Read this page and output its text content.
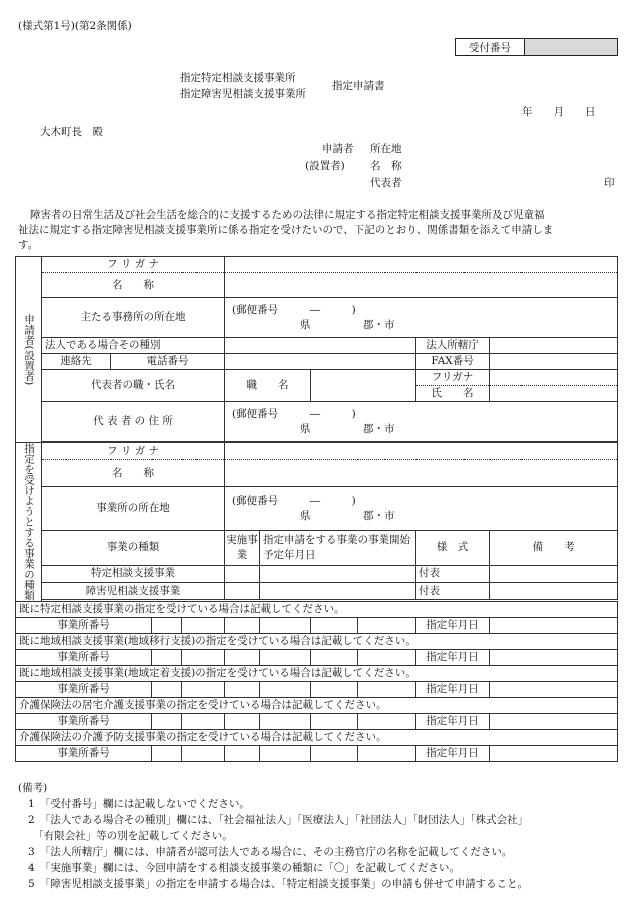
(様式第1号)(第2条関係)
受付番号	
指定特定相談支援事業所
指定障害児相談支援事業所
指定申請書
年　　月　　日
大木町長　殿
申請者 所在地
(設置者) 名　称
代表者	印
障害者の日常生活及び社会生活を総合的に支援するための法律に規定する指定特定相談支援事業所及び児童福
祉法に規定する指定障害児相談支援事業所に係る指定を受けたいので、下記のとおり、関係書類を添えて申請しま
す。
申請者(設置者)	フ リ ガ ナ									
	名　　称									
	主たる事務所の所在地				(郵便番号　　　―　　　)
県　　　　　郡・市					

	法人である場合その種別								法人所轄庁	
	連絡先	電話番号							FAX番号	
	代表者の職・氏名				職　　名				フリガナ	
									氏　　名	
	代 表 者 の 住 所				(郵便番号　　　―　　　)
県　　　　　郡・市					

指定を受けようとする事業の種類	フ リ ガ ナ									
	名　　称									
	事業所の所在地				(郵便番号　　　―　　　)
県　　　　　郡・市					

	事業の種類				実施事業	指定申請をする事業の事業開始予定年月日			様　式	備　　考
	特定相談支援事業								付表	
	障害児相談支援事業								付表	

既に特定相談支援事業の指定を受けている場合は記載してください。										
事業所番号									指定年月日	
既に地域相談支援事業(地域移行支援)の指定を受けている場合は記載してください。										
事業所番号									指定年月日	
既に地域相談支援事業(地域定着支援)の指定を受けている場合は記載してください。										
事業所番号									指定年月日	
介護保険法の居宅介護支援事業の指定を受けている場合は記載してください。										
事業所番号									指定年月日	
介護保険法の介護予防支援事業の指定を受けている場合は記載してください。										
事業所番号									指定年月日	
(備考)
1　「受付番号」欄には記載しないでください。
2　「法人である場合その種別」欄には、「社会福祉法人」「医療法人」「社団法人」「財団法人」「株式会社」
　「有限会社」等の別を記載してください。
3　「法人所轄庁」欄には、申請者が認可法人である場合に、その主務官庁の名称を記載してください。
4　「実施事業」欄には、今回申請をする相談支援事業の種類に「〇」を記載してください。
5　「障害児相談支援事業」の指定を申請する場合は、「特定相談支援事業」の申請も併せて申請すること。
